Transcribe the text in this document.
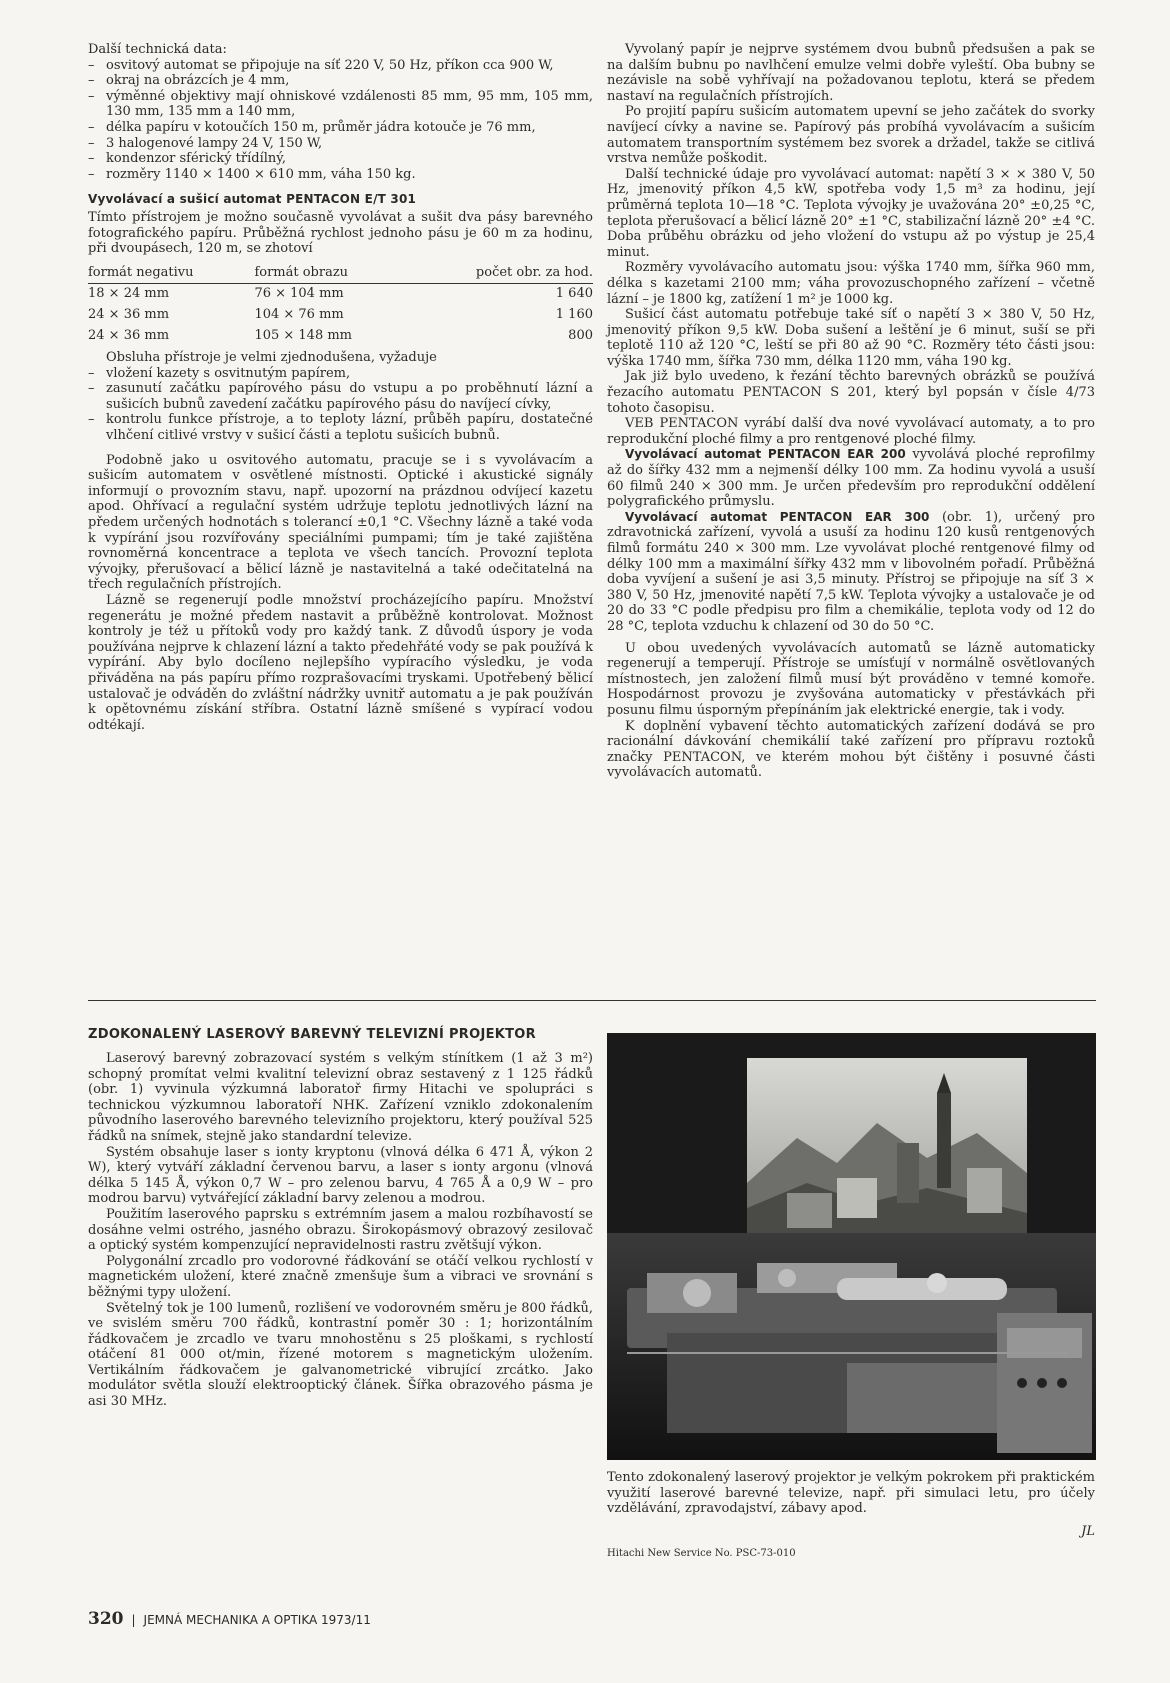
Další technická data:

– osvitový automat se připojuje na síť 220 V, 50 Hz, příkon cca 900 W,
– okraj na obrázcích je 4 mm,
– výměnné objektivy mají ohniskové vzdálenosti 85 mm, 95 mm, 105 mm, 130 mm, 135 mm a 140 mm,
– délka papíru v kotoučích 150 m, průměr jádra kotouče je 76 mm,
– 3 halogenové lampy 24 V, 150 W,
– kondenzor sférický třídílný,
– rozměry 1140 × 1400 × 610 mm, váha 150 kg.
Vyvolávací a sušicí automat PENTACON E/T 301

Tímto přístrojem je možno současně vyvolávat a sušit dva pásy barevného fotografického papíru. Průběžná rychlost jednoho pásu je 60 m za hodinu, při dvoupásech, 120 m, se zhotoví

formát negativu	formát obrazu	počet obr. za hod.
18 × 24 mm	76 × 104 mm	1 640
24 × 36 mm	104 × 76 mm	1 160
24 × 36 mm	105 × 148 mm	800

Obsluha přístroje je velmi zjednodušena, vyžaduje

– vložení kazety s osvitnutým papírem,
– zasunutí začátku papírového pásu do vstupu a po proběhnutí lázní a sušicích bubnů zavedení začátku papírového pásu do navíjecí cívky,
– kontrolu funkce přístroje, a to teploty lázní, průběh papíru, dostatečné vlhčení citlivé vrstvy v sušicí části a teplotu sušicích bubnů.

Podobně jako u osvitového automatu, pracuje se i s vyvolávacím a sušicím automatem v osvětlené místnosti. Optické i akustické signály informují o provozním stavu, např. upozorní na prázdnou odvíjecí kazetu apod. Ohřívací a regulační systém udržuje teplotu jednotlivých lázní na předem určených hodnotách s tolerancí ±0,1 °C. Všechny lázně a také voda k vypírání jsou rozvířovány speciálními pumpami; tím je také zajištěna rovnoměrná koncentrace a teplota ve všech tancích. Provozní teplota vývojky, přerušovací a bělicí lázně je nastavitelná a také odečitatelná na třech regulačních přístrojích.

Lázně se regenerují podle množství procházejícího papíru. Množství regenerátu je možné předem nastavit a průběžně kontrolovat. Možnost kontroly je též u přítoků vody pro každý tank. Z důvodů úspory je voda používána nejprve k chlazení lázní a takto předehřáté vody se pak používá k vypírání. Aby bylo docíleno nejlepšího vypíracího výsledku, je voda přiváděna na pás papíru přímo rozprašovacími tryskami. Upotřebený bělicí ustalovač je odváděn do zvláštní nádržky uvnitř automatu a je pak používán k opětovnému získání stříbra. Ostatní lázně smíšené s vypírací vodou odtékají.

Vyvolaný papír je nejprve systémem dvou bubnů předsušen a pak se na dalším bubnu po navlhčení emulze velmi dobře vyleští. Oba bubny se nezávisle na sobě vyhřívají na požadovanou teplotu, která se předem nastaví na regulačních přístrojích.

Po projití papíru sušicím automatem upevní se jeho začátek do svorky navíjecí cívky a navine se. Papírový pás probíhá vyvolávacím a sušicím automatem transportním systémem bez svorek a držadel, takže se citlivá vrstva nemůže poškodit.

Další technické údaje pro vyvolávací automat: napětí 3 × × 380 V, 50 Hz, jmenovitý příkon 4,5 kW, spotřeba vody 1,5 m³ za hodinu, její průměrná teplota 10—18 °C. Teplota vývojky je uvažována 20° ±0,25 °C, teplota přerušovací a bělicí lázně 20° ±1 °C, stabilizační lázně 20° ±4 °C. Doba průběhu obrázku od jeho vložení do vstupu až po výstup je 25,4 minut.

Rozměry vyvolávacího automatu jsou: výška 1740 mm, šířka 960 mm, délka s kazetami 2100 mm; váha provozuschopného zařízení – včetně lázní – je 1800 kg, zatížení 1 m² je 1000 kg.

Sušicí část automatu potřebuje také síť o napětí 3 × 380 V, 50 Hz, jmenovitý příkon 9,5 kW. Doba sušení a leštění je 6 minut, suší se při teplotě 110 až 120 °C, leští se při 80 až 90 °C. Rozměry této části jsou: výška 1740 mm, šířka 730 mm, délka 1120 mm, váha 190 kg.

Jak již bylo uvedeno, k řezání těchto barevných obrázků se používá řezacího automatu PENTACON S 201, který byl popsán v čísle 4/73 tohoto časopisu.

VEB PENTACON vyrábí další dva nové vyvolávací automaty, a to pro reprodukční ploché filmy a pro rentgenové ploché filmy.

Vyvolávací automat PENTACON EAR 200 vyvolává ploché reprofilmy až do šířky 432 mm a nejmenší délky 100 mm. Za hodinu vyvolá a usuší 60 filmů 240 × 300 mm. Je určen především pro reprodukční oddělení polygrafického průmyslu.

Vyvolávací automat PENTACON EAR 300 (obr. 1), určený pro zdravotnická zařízení, vyvolá a usuší za hodinu 120 kusů rentgenových filmů formátu 240 × 300 mm. Lze vyvolávat ploché rentgenové filmy od délky 100 mm a maximální šířky 432 mm v libovolném pořadí. Průběžná doba vyvíjení a sušení je asi 3,5 minuty. Přístroj se připojuje na síť 3 × 380 V, 50 Hz, jmenovité napětí 7,5 kW. Teplota vývojky a ustalovače je od 20 do 33 °C podle předpisu pro film a chemikálie, teplota vody od 12 do 28 °C, teplota vzduchu k chlazení od 30 do 50 °C.

U obou uvedených vyvolávacích automatů se lázně automaticky regenerují a temperují. Přístroje se umísťují v normálně osvětlovaných místnostech, jen založení filmů musí být prováděno v temné komoře. Hospodárnost provozu je zvyšována automaticky v přestávkách při posunu filmu úsporným přepínáním jak elektrické energie, tak i vody.

K doplnění vybavení těchto automatických zařízení dodává se pro racionální dávkování chemikálií také zařízení pro přípravu roztoků značky PENTACON, ve kterém mohou být čištěny i posuvné části vyvolávacích automatů.

ZDOKONALENÝ LASEROVÝ BAREVNÝ TELEVIZNÍ PROJEKTOR

Laserový barevný zobrazovací systém s velkým stínítkem (1 až 3 m²) schopný promítat velmi kvalitní televizní obraz sestavený z 1 125 řádků (obr. 1) vyvinula výzkumná laboratoř firmy Hitachi ve spolupráci s technickou výzkumnou laboratoří NHK. Zařízení vzniklo zdokonalením původního laserového barevného televizního projektoru, který používal 525 řádků na snímek, stejně jako standardní televize.

Systém obsahuje laser s ionty kryptonu (vlnová délka 6 471 Å, výkon 2 W), který vytváří základní červenou barvu, a laser s ionty argonu (vlnová délka 5 145 Å, výkon 0,7 W – pro zelenou barvu, 4 765 Å a 0,9 W – pro modrou barvu) vytvářející základní barvy zelenou a modrou.

Použitím laserového paprsku s extrémním jasem a malou rozbíhavostí se dosáhne velmi ostrého, jasného obrazu. Širokopásmový obrazový zesilovač a optický systém kompenzující nepravidelnosti rastru zvětšují výkon.

Polygonální zrcadlo pro vodorovné řádkování se otáčí velkou rychlostí v magnetickém uložení, které značně zmenšuje šum a vibraci ve srovnání s běžnými typy uložení.

Světelný tok je 100 lumenů, rozlišení ve vodorovném směru je 800 řádků, ve svislém směru 700 řádků, kontrastní poměr 30 : 1; horizontálním řádkovačem je zrcadlo ve tvaru mnohostěnu s 25 ploškami, s rychlostí otáčení 81 000 ot/min, řízené motorem s magnetickým uložením. Vertikálním řádkovačem je galvanometrické vibrující zrcátko. Jako modulátor světla slouží elektrooptický článek. Šířka obrazového pásma je asi 30 MHz.

Tento zdokonalený laserový projektor je velkým pokrokem při praktickém využití laserové barevné televize, např. při simulaci letu, pro účely vzdělávání, zpravodajství, zábavy apod.
JL
Hitachi New Service No. PSC-73-010
320 | JEMNÁ MECHANIKA A OPTIKA 1973/11
